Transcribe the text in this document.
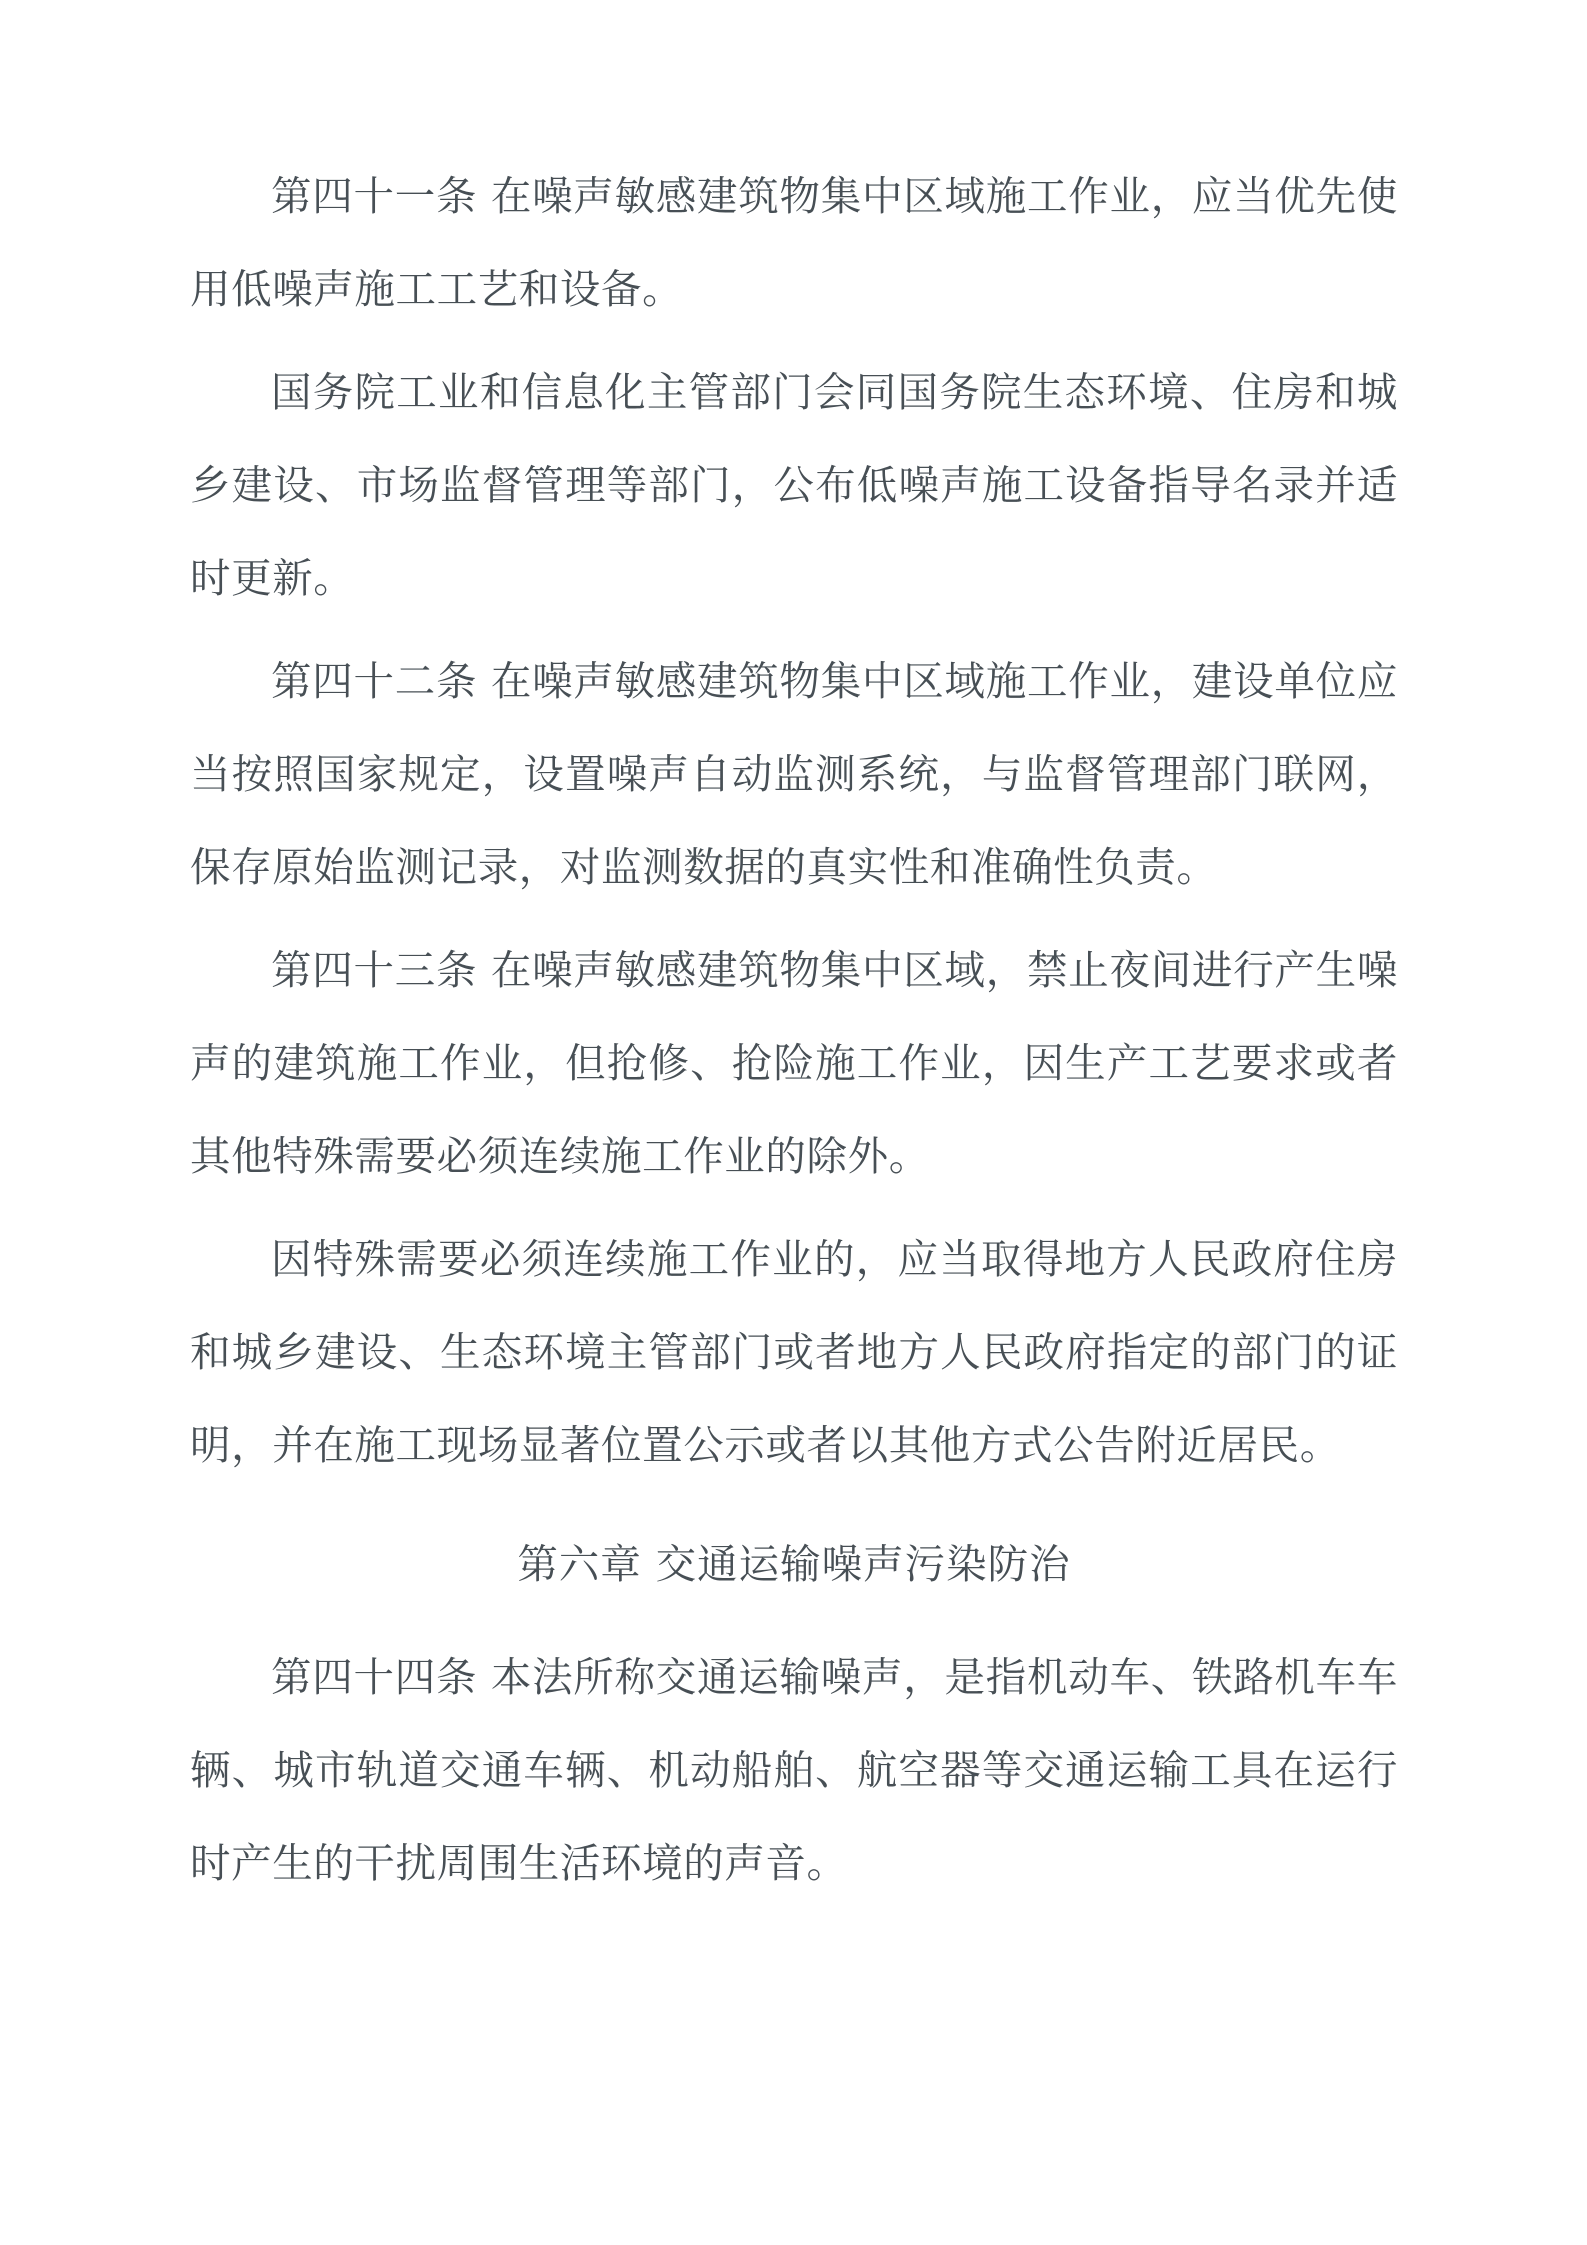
第四十一条 在噪声敏感建筑物集中区域施工作业，应当优先使用低噪声施工工艺和设备。

国务院工业和信息化主管部门会同国务院生态环境、住房和城乡建设、市场监督管理等部门，公布低噪声施工设备指导名录并适时更新。

第四十二条 在噪声敏感建筑物集中区域施工作业，建设单位应当按照国家规定，设置噪声自动监测系统，与监督管理部门联网，保存原始监测记录，对监测数据的真实性和准确性负责。

第四十三条 在噪声敏感建筑物集中区域，禁止夜间进行产生噪声的建筑施工作业，但抢修、抢险施工作业，因生产工艺要求或者其他特殊需要必须连续施工作业的除外。

因特殊需要必须连续施工作业的，应当取得地方人民政府住房和城乡建设、生态环境主管部门或者地方人民政府指定的部门的证明，并在施工现场显著位置公示或者以其他方式公告附近居民。

第六章 交通运输噪声污染防治

第四十四条 本法所称交通运输噪声，是指机动车、铁路机车车辆、城市轨道交通车辆、机动船舶、航空器等交通运输工具在运行时产生的干扰周围生活环境的声音。
